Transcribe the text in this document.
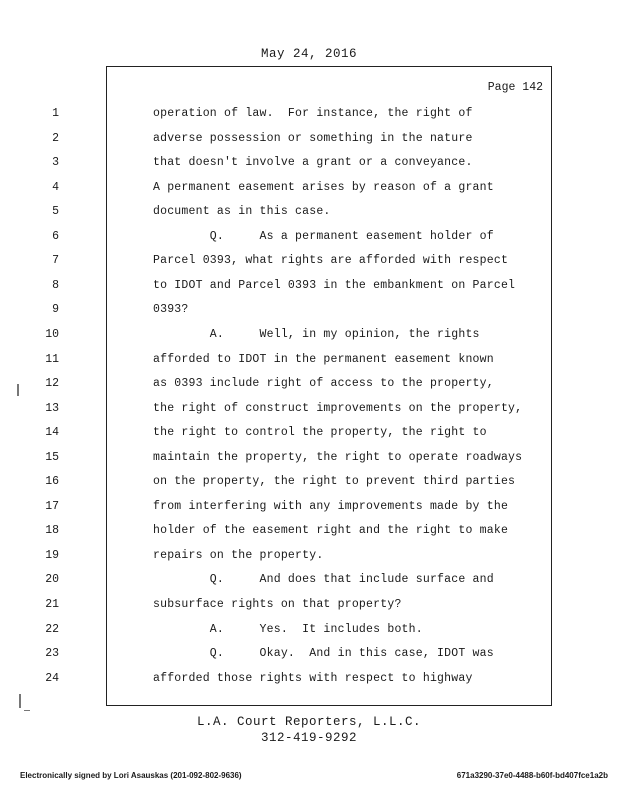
May 24, 2016
Page 142
1	operation of law.  For instance, the right of
2	adverse possession or something in the nature
3	that doesn't involve a grant or a conveyance.
4	A permanent easement arises by reason of a grant
5	document as in this case.
6	Q.     As a permanent easement holder of
7	Parcel 0393, what rights are afforded with respect
8	to IDOT and Parcel 0393 in the embankment on Parcel
9	0393?
10	A.     Well, in my opinion, the rights
11	afforded to IDOT in the permanent easement known
12	as 0393 include right of access to the property,
13	the right of construct improvements on the property,
14	the right to control the property, the right to
15	maintain the property, the right to operate roadways
16	on the property, the right to prevent third parties
17	from interfering with any improvements made by the
18	holder of the easement right and the right to make
19	repairs on the property.
20	Q.     And does that include surface and
21	subsurface rights on that property?
22	A.     Yes.  It includes both.
23	Q.     Okay.  And in this case, IDOT was
24	afforded those rights with respect to highway
L.A. Court Reporters, L.L.C.
312-419-9292
Electronically signed by Lori Asauskas (201-092-802-9636)	671a3290-37e0-4488-b60f-bd407fce1a2b
